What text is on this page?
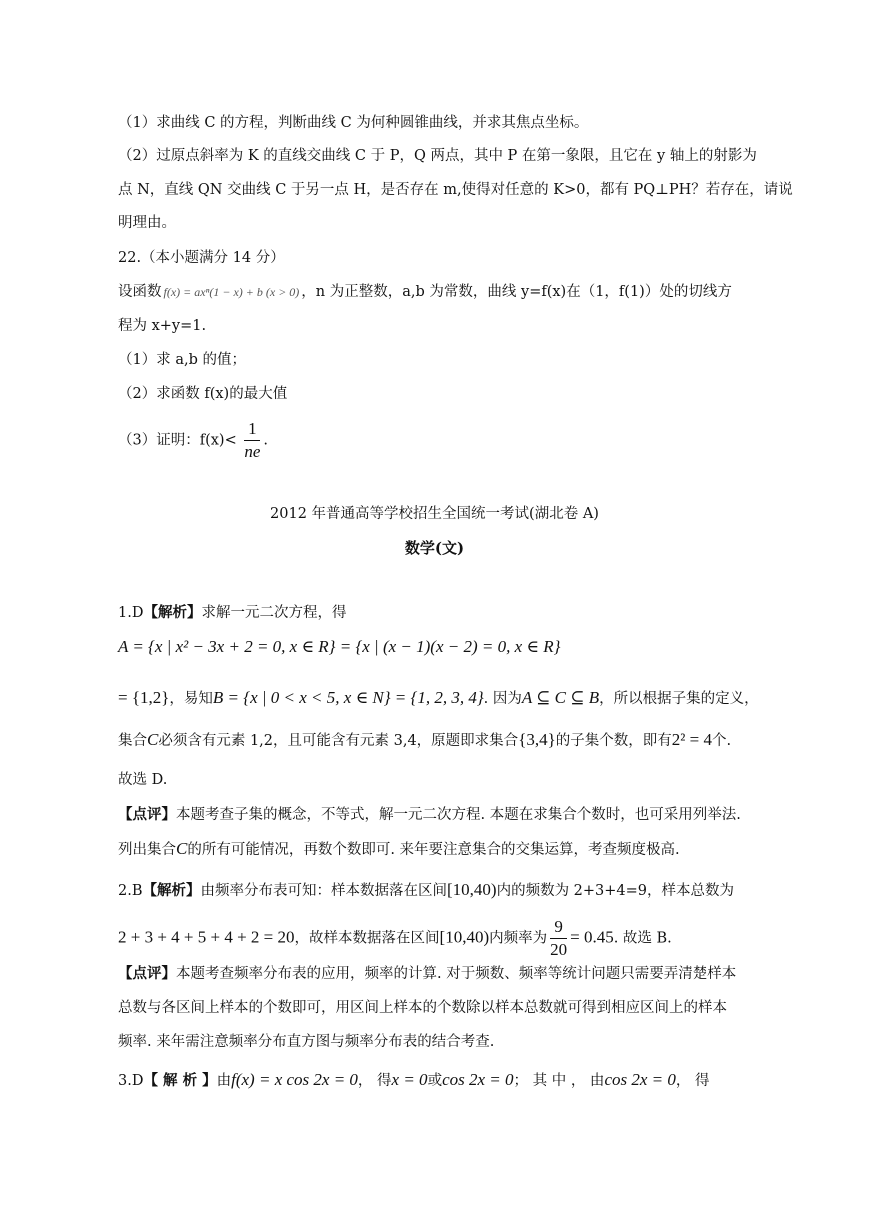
（1）求曲线 C 的方程，判断曲线 C 为何种圆锥曲线，并求其焦点坐标。
（2）过原点斜率为 K 的直线交曲线 C 于 P，Q 两点，其中 P 在第一象限，且它在 y 轴上的射影为
点 N，直线 QN 交曲线 C 于另一点 H，是否存在 m,使得对任意的 K>0，都有 PQ⊥PH？若存在，请说
明理由。
22.（本小题满分 14 分）
设函数 f(x) = axⁿ(1 − x) + b (x > 0) ，n 为正整数，a,b 为常数，曲线 y=f(x)在（1，f(1)）处的切线方
程为 x+y=1.
（1）求 a,b 的值；
（2）求函数 f(x)的最大值
（3）证明：$f(x)< \frac{1}{ne}$ .
2012 年普通高等学校招生全国统一考试(湖北卷 A)
数学(文)
1.D【解析】求解一元二次方程，得
A = {x | x² − 3x + 2 = 0, x ∈ R} = {x | (x − 1)(x − 2) = 0, x ∈ R}
= {1,2}，易知B = {x | 0 < x < 5, x ∈ N} = {1, 2, 3, 4}. 因为A ⊆ C ⊆ B，所以根据子集的定义，
集合C必须含有元素 1,2，且可能含有元素 3,4，原题即求集合{3,4}的子集个数，即有2² = 4个.
故选 D.
【点评】本题考查子集的概念，不等式，解一元二次方程. 本题在求集合个数时，也可采用列举法.
列出集合C的所有可能情况，再数个数即可. 来年要注意集合的交集运算，考查频度极高.
2.B【解析】由频率分布表可知：样本数据落在区间[10,40)内的频数为 2+3+4=9，样本总数为
2 + 3 + 4 + 5 + 4 + 2 = 20，故样本数据落在区间[10,40)内频率为 $\frac{9}{20} = 0.45$. 故选 B.
【点评】本题考查频率分布表的应用，频率的计算. 对于频数、频率等统计问题只需要弄清楚样本
总数与各区间上样本的个数即可，用区间上样本的个数除以样本总数就可得到相应区间上的样本
频率. 来年需注意频率分布直方图与频率分布表的结合考查.
3.D【 解 析 】由f(x) = x cos 2x = 0， 得x = 0或cos 2x = 0； 其 中 ， 由cos 2x = 0， 得
